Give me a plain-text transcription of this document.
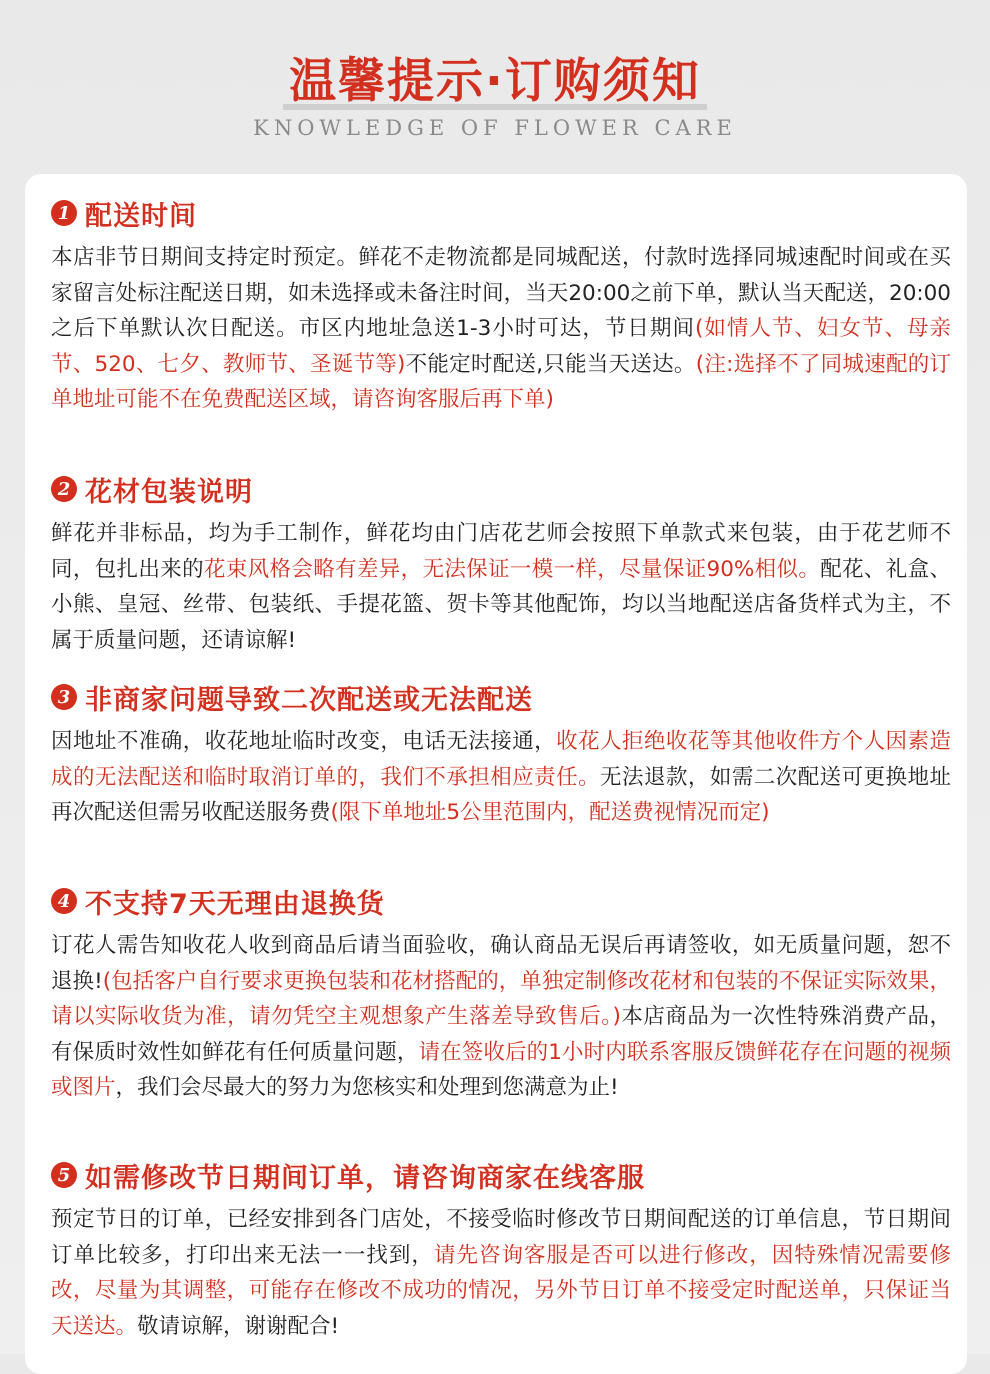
温馨提示·订购须知
KNOWLEDGE OF FLOWER CARE
1 配送时间
本店非节日期间支持定时预定。鲜花不走物流都是同城配送，付款时选择同城速配时间或在买家留言处标注配送日期，如未选择或未备注时间，当天20:00之前下单，默认当天配送，20:00之后下单默认次日配送。市区内地址急送1-3小时可达，节日期间(如情人节、妇女节、母亲节、520、七夕、教师节、圣诞节等)不能定时配送,只能当天送达。(注:选择不了同城速配的订单地址可能不在免费配送区域，请咨询客服后再下单)
2 花材包装说明
鲜花并非标品，均为手工制作，鲜花均由门店花艺师会按照下单款式来包装，由于花艺师不同，包扎出来的花束风格会略有差异，无法保证一模一样，尽量保证90%相似。配花、礼盒、小熊、皇冠、丝带、包装纸、手提花篮、贺卡等其他配饰，均以当地配送店备货样式为主，不属于质量问题，还请谅解!
3 非商家问题导致二次配送或无法配送
因地址不准确，收花地址临时改变，电话无法接通，收花人拒绝收花等其他收件方个人因素造成的无法配送和临时取消订单的，我们不承担相应责任。无法退款，如需二次配送可更换地址再次配送但需另收配送服务费(限下单地址5公里范围内，配送费视情况而定)
4 不支持7天无理由退换货
订花人需告知收花人收到商品后请当面验收，确认商品无误后再请签收，如无质量问题，恕不退换!(包括客户自行要求更换包装和花材搭配的，单独定制修改花材和包装的不保证实际效果，请以实际收货为准，请勿凭空主观想象产生落差导致售后。)本店商品为一次性特殊消费产品，有保质时效性如鲜花有任何质量问题，请在签收后的1小时内联系客服反馈鲜花存在问题的视频或图片，我们会尽最大的努力为您核实和处理到您满意为止!
5 如需修改节日期间订单，请咨询商家在线客服
预定节日的订单，已经安排到各门店处，不接受临时修改节日期间配送的订单信息，节日期间订单比较多，打印出来无法一一找到，请先咨询客服是否可以进行修改，因特殊情况需要修改，尽量为其调整，可能存在修改不成功的情况，另外节日订单不接受定时配送单，只保证当天送达。敬请谅解，谢谢配合!
